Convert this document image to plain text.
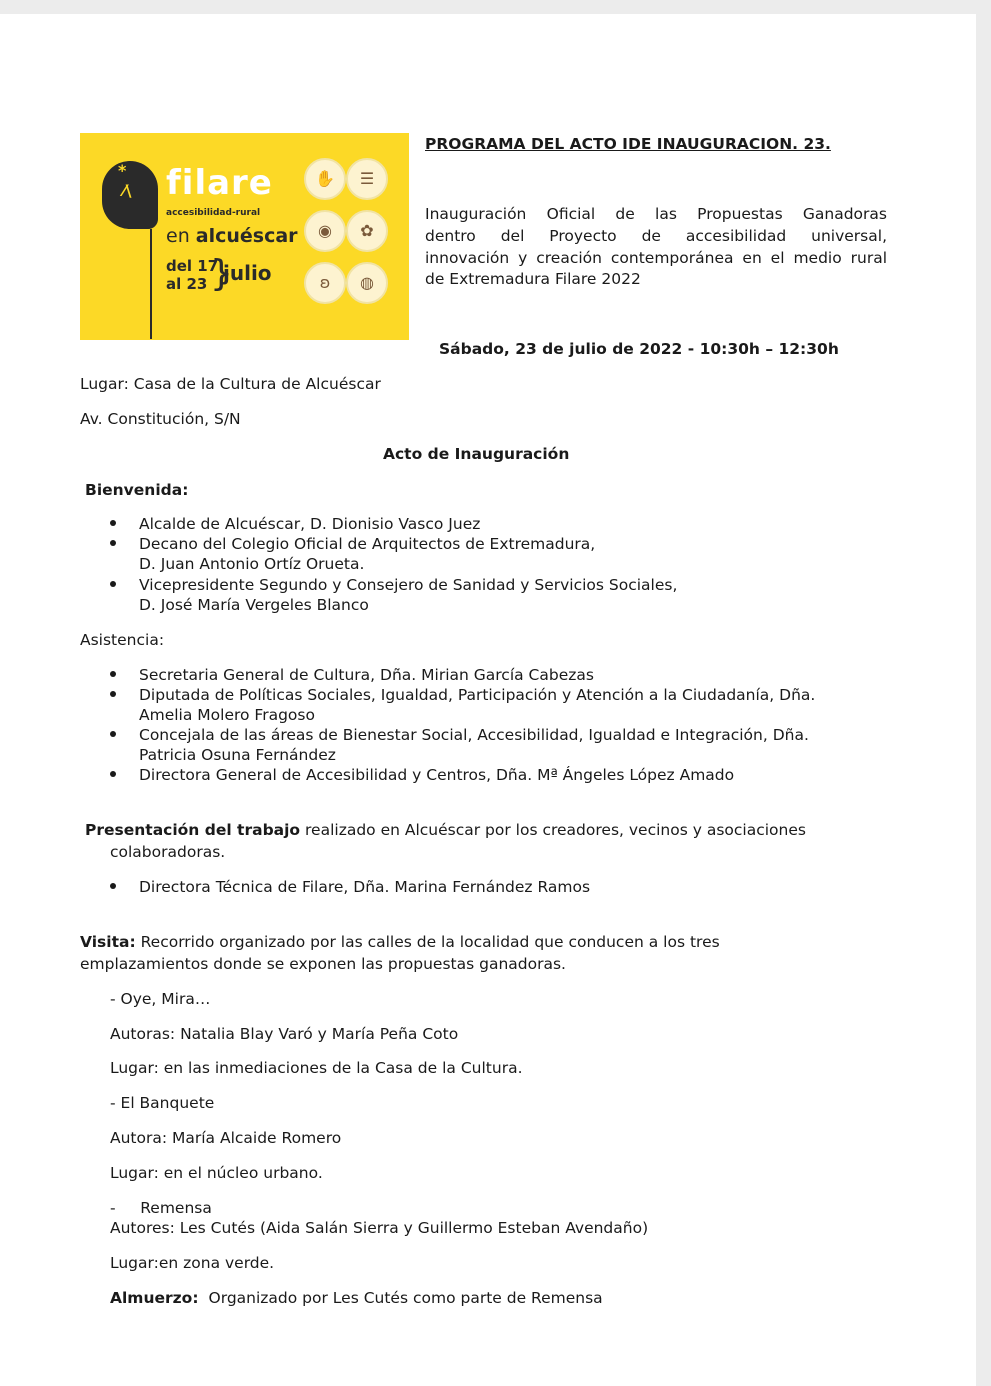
*
⁄\ filare
accesibilidad-rural
en alcuéscar
del 17
al 23 }
julio
✋	☰
◉	✿
ʚ	◍
PROGRAMA DEL ACTO IDE INAUGURACION. 23.
Inauguración Oficial de las Propuestas Ganadoras
dentro del Proyecto de accesibilidad universal,
innovación y creación contemporánea en el medio rural
de Extremadura Filare 2022
Sábado, 23 de julio de 2022 - 10:30h – 12:30h
Lugar: Casa de la Cultura de Alcuéscar
Av. Constitución, S/N
Acto de Inauguración
Bienvenida:
Alcalde de Alcuéscar, D. Dionisio Vasco Juez
Decano del Colegio Oficial de Arquitectos de Extremadura,
D. Juan Antonio Ortíz Orueta.
Vicepresidente Segundo y Consejero de Sanidad y Servicios Sociales,
D. José María Vergeles Blanco
Asistencia:
Secretaria General de Cultura, Dña. Mirian García Cabezas
Diputada de Políticas Sociales, Igualdad, Participación y Atención a la Ciudadanía, Dña.
Amelia Molero Fragoso
Concejala de las áreas de Bienestar Social, Accesibilidad, Igualdad e Integración, Dña.
Patricia Osuna Fernández
Directora General de Accesibilidad y Centros, Dña. Mª Ángeles López Amado
Presentación del trabajo realizado en Alcuéscar por los creadores, vecinos y asociaciones
colaboradoras.
Directora Técnica de Filare, Dña. Marina Fernández Ramos
Visita: Recorrido organizado por las calles de la localidad que conducen a los tres
emplazamientos donde se exponen las propuestas ganadoras.
- Oye, Mira…
Autoras: Natalia Blay Varó y María Peña Coto
Lugar: en las inmediaciones de la Casa de la Cultura.
- El Banquete
Autora: María Alcaide Romero
Lugar: en el núcleo urbano.
-     Remensa
Autores: Les Cutés (Aida Salán Sierra y Guillermo Esteban Avendaño)
Lugar:en zona verde.
Almuerzo: Organizado por Les Cutés como parte de Remensa
